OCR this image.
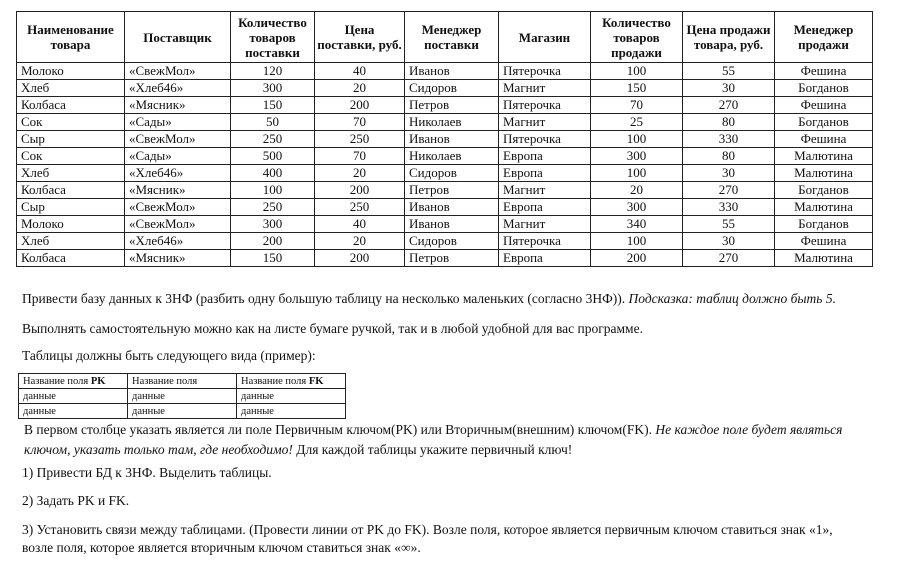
Наименование товара	Поставщик	Количество товаров поставки	Цена поставки, руб.	Менеджер поставки	Магазин	Количество товаров продажи	Цена продажи товара, руб.	Менеджер продажи
Молоко	«СвежМол»	120	40	Иванов	Пятерочка	100	55	Фешина
Хлеб	«Хлеб46»	300	20	Сидоров	Магнит	150	30	Богданов
Колбаса	«Мясник»	150	200	Петров	Пятерочка	70	270	Фешина
Сок	«Сады»	50	70	Николаев	Магнит	25	80	Богданов
Сыр	«СвежМол»	250	250	Иванов	Пятерочка	100	330	Фешина
Сок	«Сады»	500	70	Николаев	Европа	300	80	Малютина
Хлеб	«Хлеб46»	400	20	Сидоров	Европа	100	30	Малютина
Колбаса	«Мясник»	100	200	Петров	Магнит	20	270	Богданов
Сыр	«СвежМол»	250	250	Иванов	Европа	300	330	Малютина
Молоко	«СвежМол»	300	40	Иванов	Магнит	340	55	Богданов
Хлеб	«Хлеб46»	200	20	Сидоров	Пятерочка	100	30	Фешина
Колбаса	«Мясник»	150	200	Петров	Европа	200	270	Малютина
Привести базу данных к 3НФ (разбить одну большую таблицу на несколько маленьких (согласно 3НФ)). Подсказка: таблиц должно быть 5.
Выполнять самостоятельную можно как на листе бумаге ручкой, так и в любой удобной для вас программе.
Таблицы должны быть следующего вида (пример):
Название поля PK	Название поля	Название поля FK
данные	данные	данные
данные	данные	данные
В первом столбце указать является ли поле Первичным ключом(PK) или Вторичным(внешним) ключом(FK). Не каждое поле будет являться ключом, указать только там, где необходимо! Для каждой таблицы укажите первичный ключ!
1) Привести БД к 3НФ. Выделить таблицы.
2) Задать PK и FK.
3) Установить связи между таблицами. (Провести линии от PK до FK). Возле поля, которое является первичным ключом ставиться знак «1»,
возле поля, которое является вторичным ключом ставиться знак «∞».
